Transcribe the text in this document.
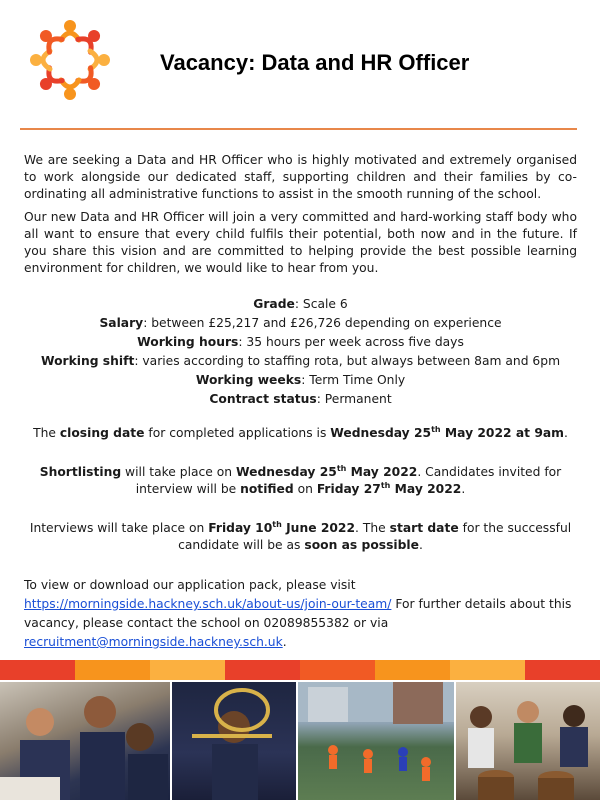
Vacancy: Data and HR Officer

We are seeking a Data and HR Officer who is highly motivated and extremely organised to work alongside our dedicated staff, supporting children and their families by co-ordinating all administrative functions to assist in the smooth running of the school.

Our new Data and HR Officer will join a very committed and hard-working staff body who all want to ensure that every child fulfils their potential, both now and in the future. If you share this vision and are committed to helping provide the best possible learning environment for children, we would like to hear from you.

Grade: Scale 6
Salary: between £25,217 and £26,726 depending on experience
Working hours: 35 hours per week across five days
Working shift: varies according to staffing rota, but always between 8am and 6pm
Working weeks: Term Time Only
Contract status: Permanent

The closing date for completed applications is Wednesday 25th May 2022 at 9am.

Shortlisting will take place on Wednesday 25th May 2022. Candidates invited for interview will be notified on Friday 27th May 2022.

Interviews will take place on Friday 10th June 2022. The start date for the successful candidate will be as soon as possible.

To view or download our application pack, please visit
https://morningside.hackney.sch.uk/about-us/join-our-team/ For further details about this vacancy, please contact the school on 02089855382 or via
recruitment@morningside.hackney.sch.uk.
